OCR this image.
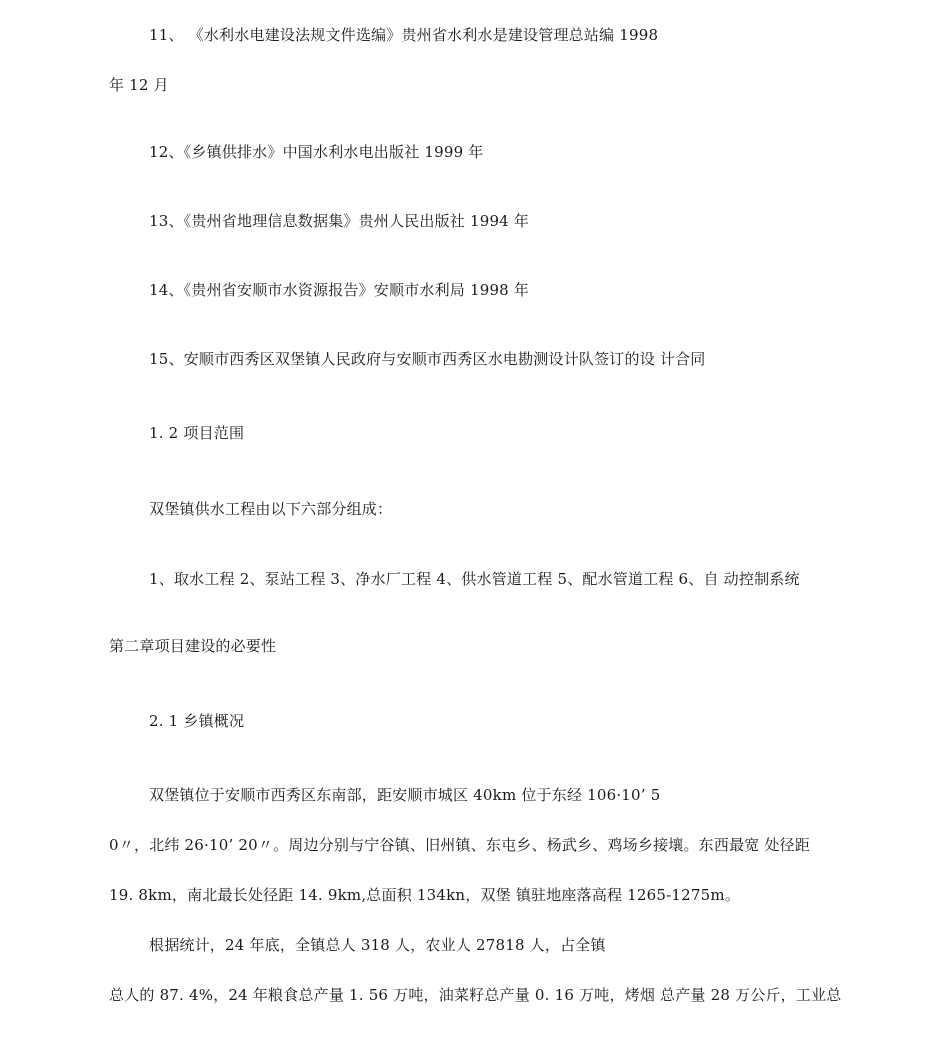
11、 《水利水电建设法规文件选编》贵州省水利水是建设管理总站编 1998
年 12 月
12、《乡镇供排水》中国水利水电出版社 1999 年
13、《贵州省地理信息数据集》贵州人民出版社 1994 年
14、《贵州省安顺市水资源报告》安顺市水利局 1998 年
15、安顺市西秀区双堡镇人民政府与安顺市西秀区水电勘测设计队签订的设 计合同
1. 2 项目范围
双堡镇供水工程由以下六部分组成：
1、取水工程 2、泵站工程 3、净水厂工程 4、供水管道工程 5、配水管道工程 6、自 动控制系统
第二章项目建设的必要性
2. 1 乡镇概况
双堡镇位于安顺市西秀区东南部，距安顺市城区 40km 位于东经 106·10’ 5
0〃，北纬 26·10’ 20〃。周边分别与宁谷镇、旧州镇、东屯乡、杨武乡、鸡场乡接壤。东西最宽 处径距
19. 8km，南北最长处径距 14. 9km,总面积 134kn，双堡 镇驻地座落高程 1265-1275m。
根据统计，24 年底，全镇总人 318 人，农业人 27818 人，占全镇
总人的 87. 4%，24 年粮食总产量 1. 56 万吨，油菜籽总产量 0. 16 万吨，烤烟 总产量 28 万公斤，工业总
